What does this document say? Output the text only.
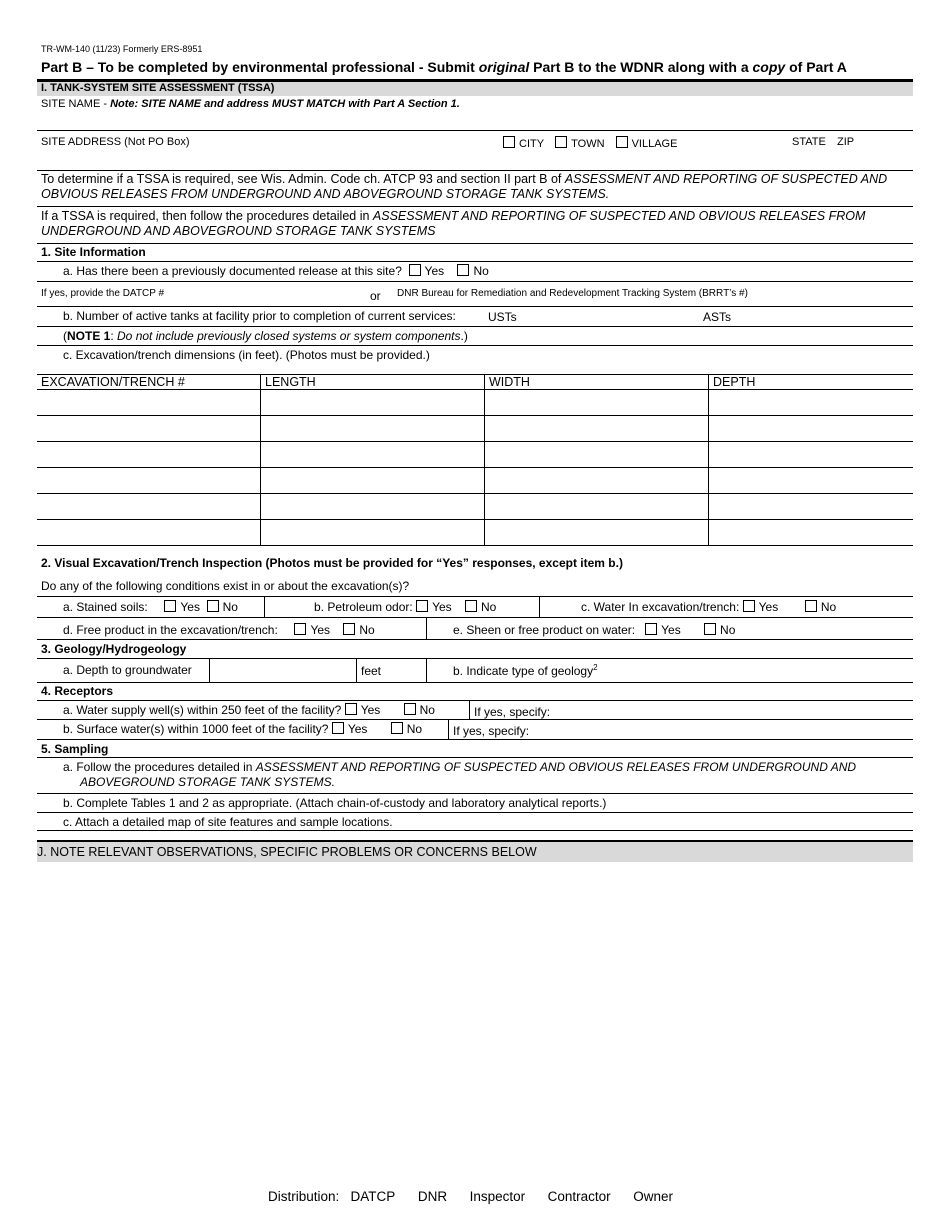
TR-WM-140 (11/23) Formerly ERS-8951
Part B – To be completed by environmental professional - Submit original Part B to the WDNR along with a copy of Part A
I. TANK-SYSTEM SITE ASSESSMENT (TSSA)
SITE NAME - Note: SITE NAME and address MUST MATCH with Part A Section 1.
SITE ADDRESS (Not PO Box)	CITY TOWN VILLAGE	STATE ZIP
To determine if a TSSA is required, see Wis. Admin. Code ch. ATCP 93 and section II part B of ASSESSMENT AND REPORTING OF SUSPECTED AND OBVIOUS RELEASES FROM UNDERGROUND AND ABOVEGROUND STORAGE TANK SYSTEMS.
If a TSSA is required, then follow the procedures detailed in ASSESSMENT AND REPORTING OF SUSPECTED AND OBVIOUS RELEASES FROM UNDERGROUND AND ABOVEGROUND STORAGE TANK SYSTEMS
1. Site Information
a. Has there been a previously documented release at this site? Yes No
If yes, provide the DATCP #	or DNR Bureau for Remediation and Redevelopment Tracking System (BRRT’s #)
b. Number of active tanks at facility prior to completion of current services:	USTs	ASTs
(NOTE 1: Do not include previously closed systems or system components.)
c. Excavation/trench dimensions (in feet). (Photos must be provided.)
EXCAVATION/TRENCH #	LENGTH	WIDTH	DEPTH

2. Visual Excavation/Trench Inspection (Photos must be provided for “Yes” responses, except item b.)
Do any of the following conditions exist in or about the excavation(s)?
a. Stained soils:	Yes No	b. Petroleum odor: Yes No	c. Water In excavation/trench: Yes	No
d. Free product in the excavation/trench:	Yes No	e. Sheen or free product on water: Yes	No
3. Geology/Hydrogeology
a. Depth to groundwater	feet	b. Indicate type of geology$^2$
4. Receptors
a. Water supply well(s) within 250 feet of the facility? Yes	No	If yes, specify:
b. Surface water(s) within 1000 feet of the facility? Yes	No	If yes, specify:
5. Sampling
a. Follow the procedures detailed in ASSESSMENT AND REPORTING OF SUSPECTED AND OBVIOUS RELEASES FROM UNDERGROUND AND
ABOVEGROUND STORAGE TANK SYSTEMS.
b. Complete Tables 1 and 2 as appropriate. (Attach chain-of-custody and laboratory analytical reports.)
c. Attach a detailed map of site features and sample locations.
J. NOTE RELEVANT OBSERVATIONS, SPECIFIC PROBLEMS OR CONCERNS BELOW
Distribution: DATCP DNR Inspector Contractor Owner
